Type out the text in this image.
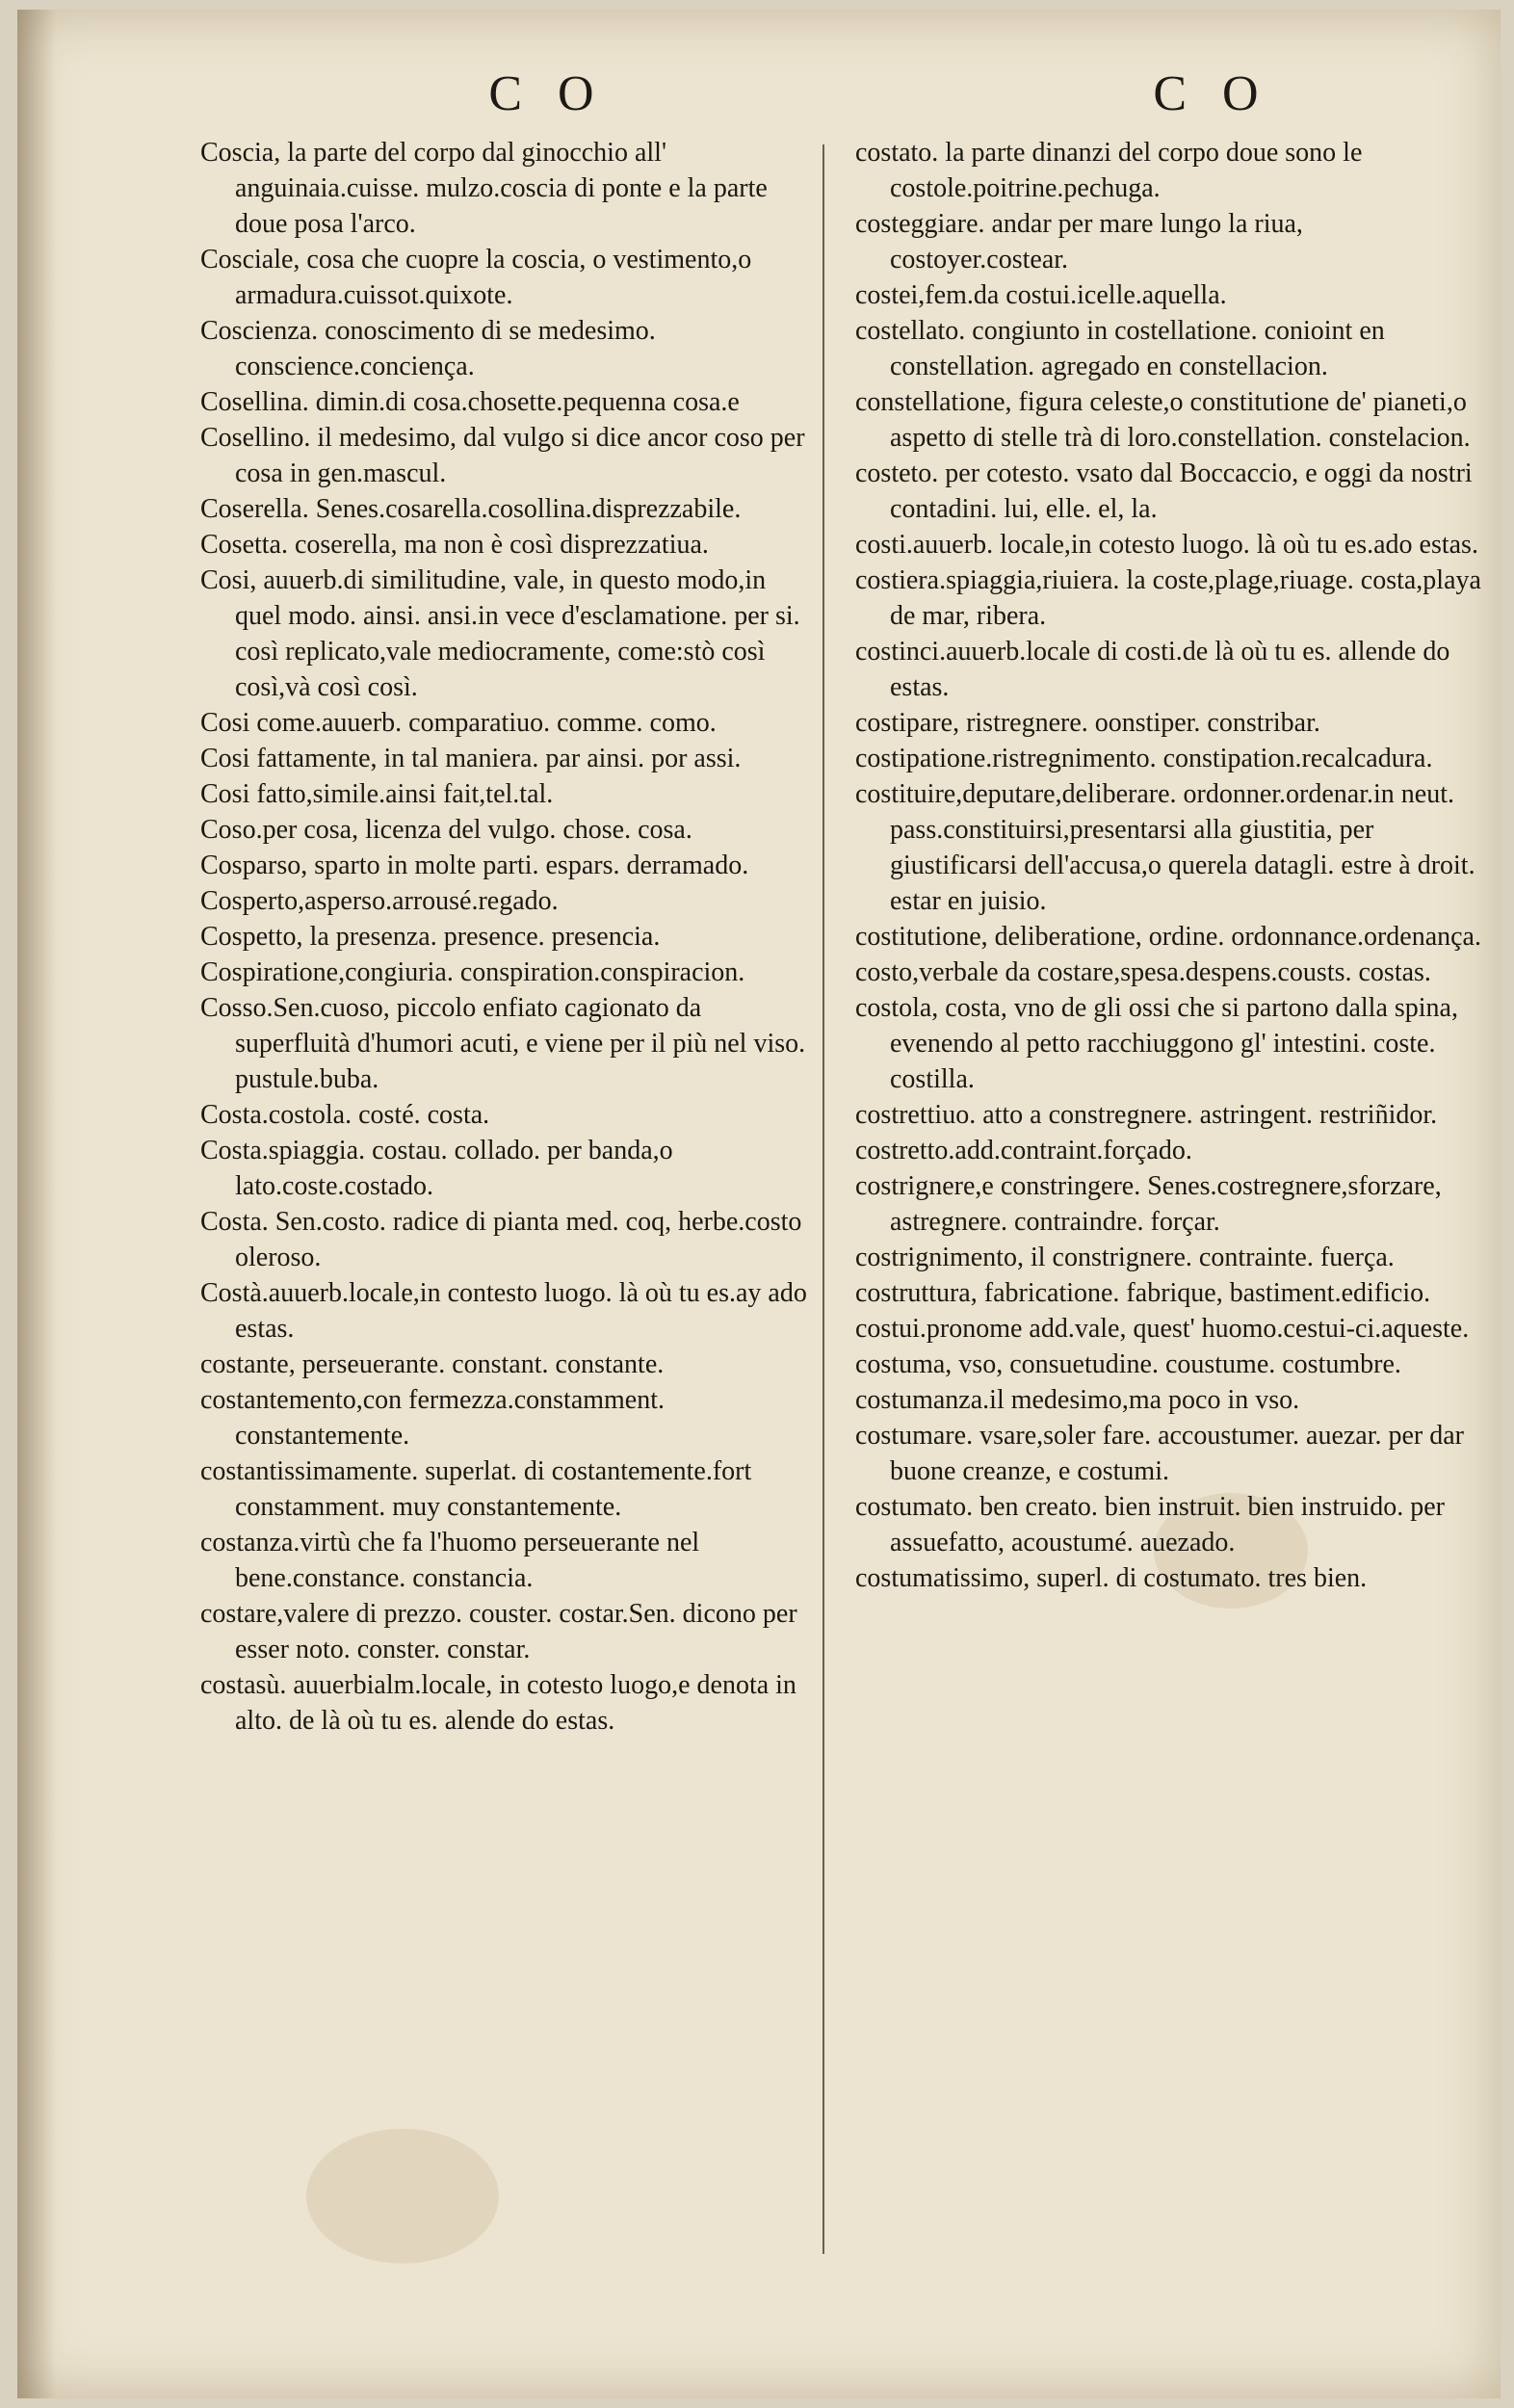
C O	C O

Coscia, la parte del corpo dal ginocchio all' anguinaia.cuisse. mulzo.coscia di ponte e la parte doue posa l'arco.

Cosciale, cosa che cuopre la coscia, o vestimento,o armadura.cuissot.quixote.

Coscienza. conoscimento di se medesimo. conscience.conciença.

Cosellina. dimin.di cosa.chosette.pequenna cosa.e

Cosellino. il medesimo, dal vulgo si dice ancor coso per cosa in gen.mascul.

Coserella. Senes.cosarella.cosollina.disprezzabile.

Cosetta. coserella, ma non è così disprezzatiua.

Cosi, auuerb.di similitudine, vale, in questo modo,in quel modo. ainsi. ansi.in vece d'esclamatione. per si. così replicato,vale mediocramente, come:stò così così,và così così.

Cosi come.auuerb. comparatiuo. comme. como.

Cosi fattamente, in tal maniera. par ainsi. por assi.

Cosi fatto,simile.ainsi fait,tel.tal.

Coso.per cosa, licenza del vulgo. chose. cosa.

Cosparso, sparto in molte parti. espars. derramado.

Cosperto,asperso.arrousé.regado.

Cospetto, la presenza. presence. presencia.

Cospiratione,congiuria. conspiration.conspiracion.

Cosso.Sen.cuoso, piccolo enfiato cagionato da superfluità d'humori acuti, e viene per il più nel viso. pustule.buba.

Costa.costola. costé. costa.

Costa.spiaggia. costau. collado. per banda,o lato.coste.costado.

Costa. Sen.costo. radice di pianta med. coq, herbe.costo oleroso.

Costà.auuerb.locale,in contesto luogo. là où tu es.ay ado estas.

costante, perseuerante. constant. constante.

costantemento,con fermezza.constamment. constantemente.

costantissimamente. superlat. di costantemente.fort constamment. muy constantemente.

costanza.virtù che fa l'huomo perseuerante nel bene.constance. constancia.

costare,valere di prezzo. couster. costar.Sen. dicono per esser noto. conster. constar.

costasù. auuerbialm.locale, in cotesto luogo,e denota in alto. de là où tu es. alende do estas.

costato. la parte dinanzi del corpo doue sono le costole.poitrine.pechuga.

costeggiare. andar per mare lungo la riua, costoyer.costear.

costei,fem.da costui.icelle.aquella.

costellato. congiunto in costellatione. conioint en constellation. agregado en constellacion.

constellatione, figura celeste,o constitutione de' pianeti,o aspetto di stelle trà di loro.constellation. constelacion.

costeto. per cotesto. vsato dal Boccaccio, e oggi da nostri contadini. lui, elle. el, la.

costi.auuerb. locale,in cotesto luogo. là où tu es.ado estas.

costiera.spiaggia,riuiera. la coste,plage,riuage. costa,playa de mar, ribera.

costinci.auuerb.locale di costi.de là où tu es. allende do estas.

costipare, ristregnere. oonstiper. constribar.

costipatione.ristregnimento. constipation.recalcadura.

costituire,deputare,deliberare. ordonner.ordenar.in neut. pass.constituirsi,presentarsi alla giustitia, per giustificarsi dell'accusa,o querela datagli. estre à droit. estar en juisio.

costitutione, deliberatione, ordine. ordonnance.ordenança.

costo,verbale da costare,spesa.despens.cousts. costas.

costola, costa, vno de gli ossi che si partono dalla spina, evenendo al petto racchiuggono gl' intestini. coste. costilla.

costrettiuo. atto a constregnere. astringent. restriñidor.

costretto.add.contraint.forçado.

costrignere,e constringere. Senes.costregnere,sforzare, astregnere. contraindre. forçar.

costrignimento, il constrignere. contrainte. fuerça.

costruttura, fabricatione. fabrique, bastiment.edificio.

costui.pronome add.vale, quest' huomo.cestui-ci.aqueste.

costuma, vso, consuetudine. coustume. costumbre.

costumanza.il medesimo,ma poco in vso.

costumare. vsare,soler fare. accoustumer. auezar. per dar buone creanze, e costumi.

costumato. ben creato. bien instruit. bien instruido. per assuefatto, acoustumé. auezado.

costumatissimo, superl. di costumato. tres bien.
